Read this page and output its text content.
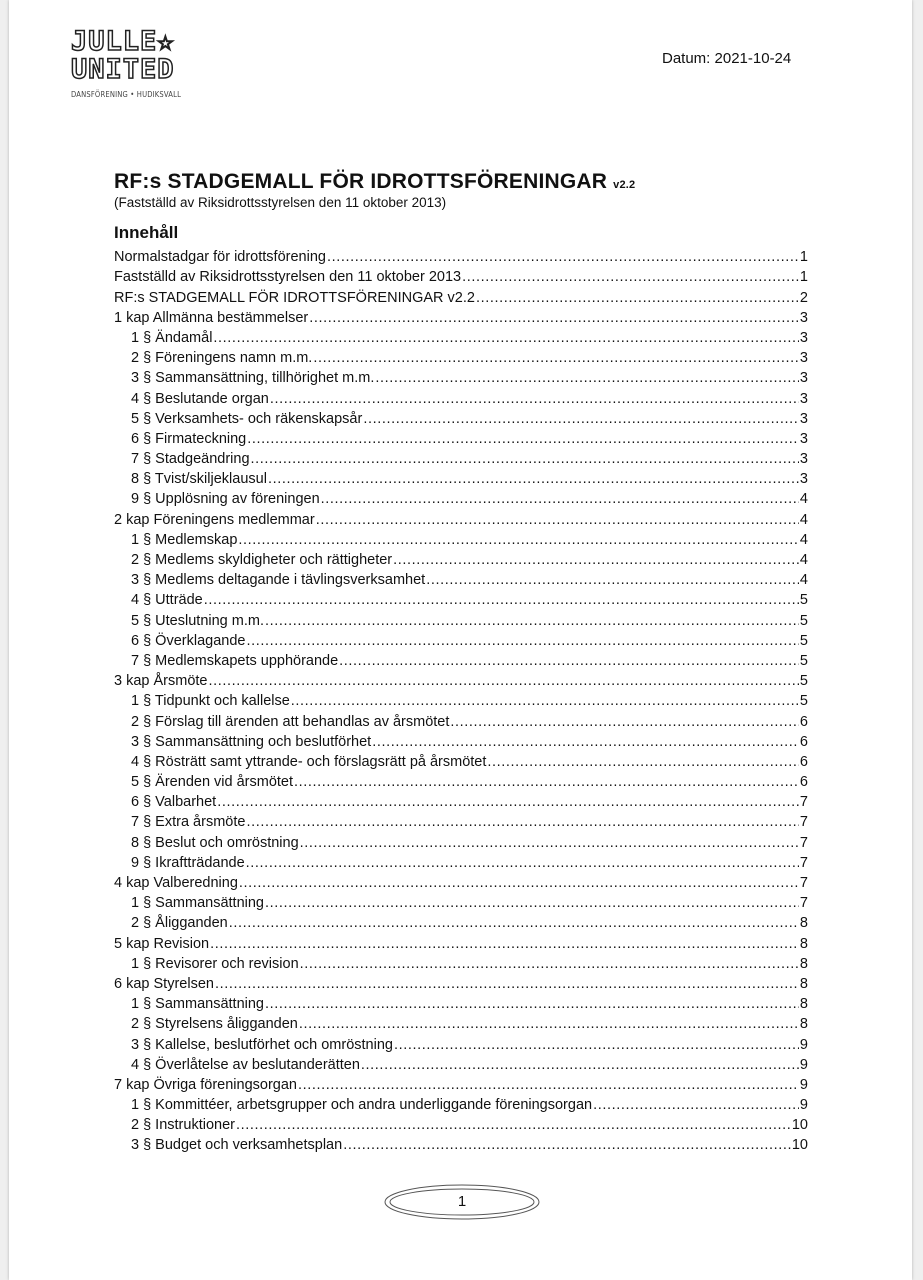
JULLE☆
UNITED
DANSFÖRENING • HUDIKSVALL
Datum: 2021-10-24
RF:s STADGEMALL FÖR IDROTTSFÖRENINGAR v2.2
(Fastställd av Riksidrottsstyrelsen den 11 oktober 2013)
Innehåll
Normalstadgar för idrottsförening .....	1
Fastställd av Riksidrottsstyrelsen den 11 oktober 2013 .....	1
RF:s STADGEMALL FÖR IDROTTSFÖRENINGAR v2.2 .....	2
1 kap Allmänna bestämmelser .....	3
1 § Ändamål .....	3
2 § Föreningens namn m.m. .....	3
3 § Sammansättning, tillhörighet m.m. .....	3
4 § Beslutande organ .....	3
5 § Verksamhets- och räkenskapsår .....	3
6 § Firmateckning .....	3
7 § Stadgeändring .....	3
8 § Tvist/skiljeklausul .....	3
9 § Upplösning av föreningen .....	4
2 kap Föreningens medlemmar .....	4
1 § Medlemskap .....	4
2 § Medlems skyldigheter och rättigheter .....	4
3 § Medlems deltagande i tävlingsverksamhet .....	4
4 § Utträde .....	5
5 § Uteslutning m.m. .....	5
6 § Överklagande .....	5
7 § Medlemskapets upphörande .....	5
3 kap Årsmöte .....	5
1 § Tidpunkt och kallelse .....	5
2 § Förslag till ärenden att behandlas av årsmötet .....	6
3 § Sammansättning och beslutförhet .....	6
4 § Rösträtt samt yttrande- och förslagsrätt på årsmötet .....	6
5 § Ärenden vid årsmötet .....	6
6 § Valbarhet .....	7
7 § Extra årsmöte .....	7
8 § Beslut och omröstning .....	7
9 § Ikraftträdande .....	7
4 kap Valberedning .....	7
1 § Sammansättning .....	7
2 § Åligganden .....	8
5 kap Revision .....	8
1 § Revisorer och revision .....	8
6 kap Styrelsen .....	8
1 § Sammansättning .....	8
2 § Styrelsens åligganden .....	8
3 § Kallelse, beslutförhet och omröstning .....	9
4 § Överlåtelse av beslutanderätten .....	9
7 kap Övriga föreningsorgan .....	9
1 § Kommittéer, arbetsgrupper och andra underliggande föreningsorgan .....	9
2 § Instruktioner .....	10
3 § Budget och verksamhetsplan .....	10
1
